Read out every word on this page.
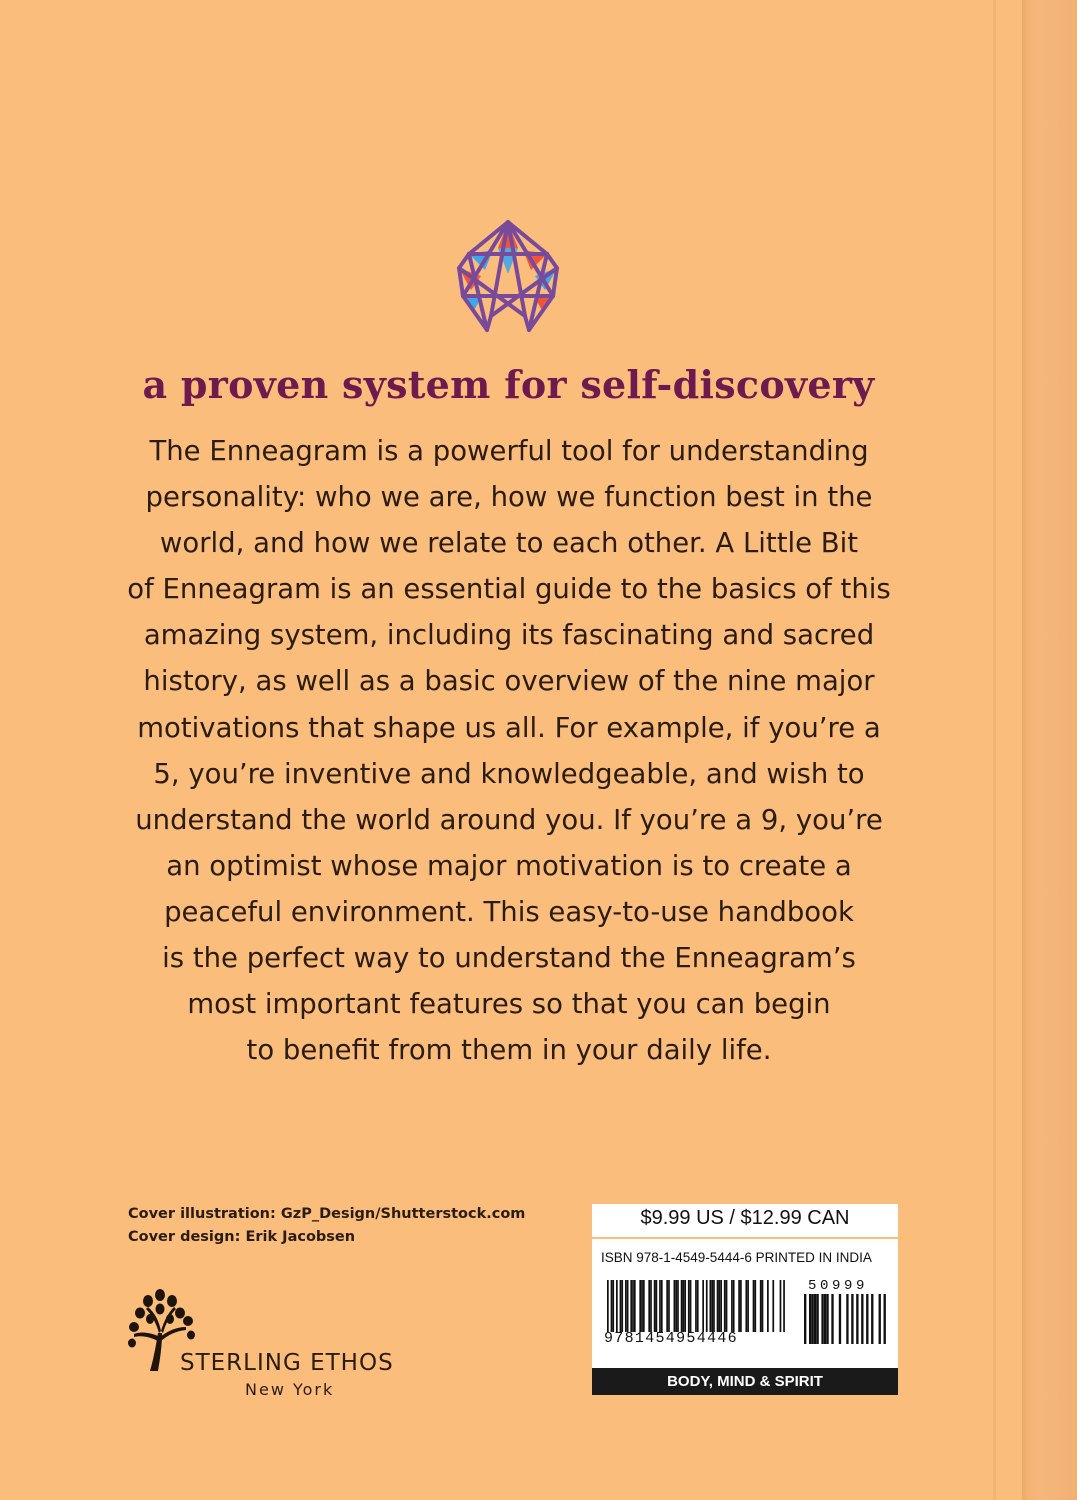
a proven system for self-discovery
The Enneagram is a powerful tool for understanding
personality: who we are, how we function best in the
world, and how we relate to each other. A Little Bit
of Enneagram is an essential guide to the basics of this
amazing system, including its fascinating and sacred
history, as well as a basic overview of the nine major
motivations that shape us all. For example, if you’re a
5, you’re inventive and knowledgeable, and wish to
understand the world around you. If you’re a 9, you’re
an optimist whose major motivation is to create a
peaceful environment. This easy-to-use handbook
is the perfect way to understand the Enneagram’s
most important features so that you can begin
to benefit from them in your daily life.
Cover illustration: GzP_Design/Shutterstock.com
Cover design: Erik Jacobsen
STERLING ETHOS
New York
$9.99 US / $12.99 CAN
ISBN 978-1-4549-5444-6 PRINTED IN INDIA
50999
9781454954446
BODY, MIND & SPIRIT
